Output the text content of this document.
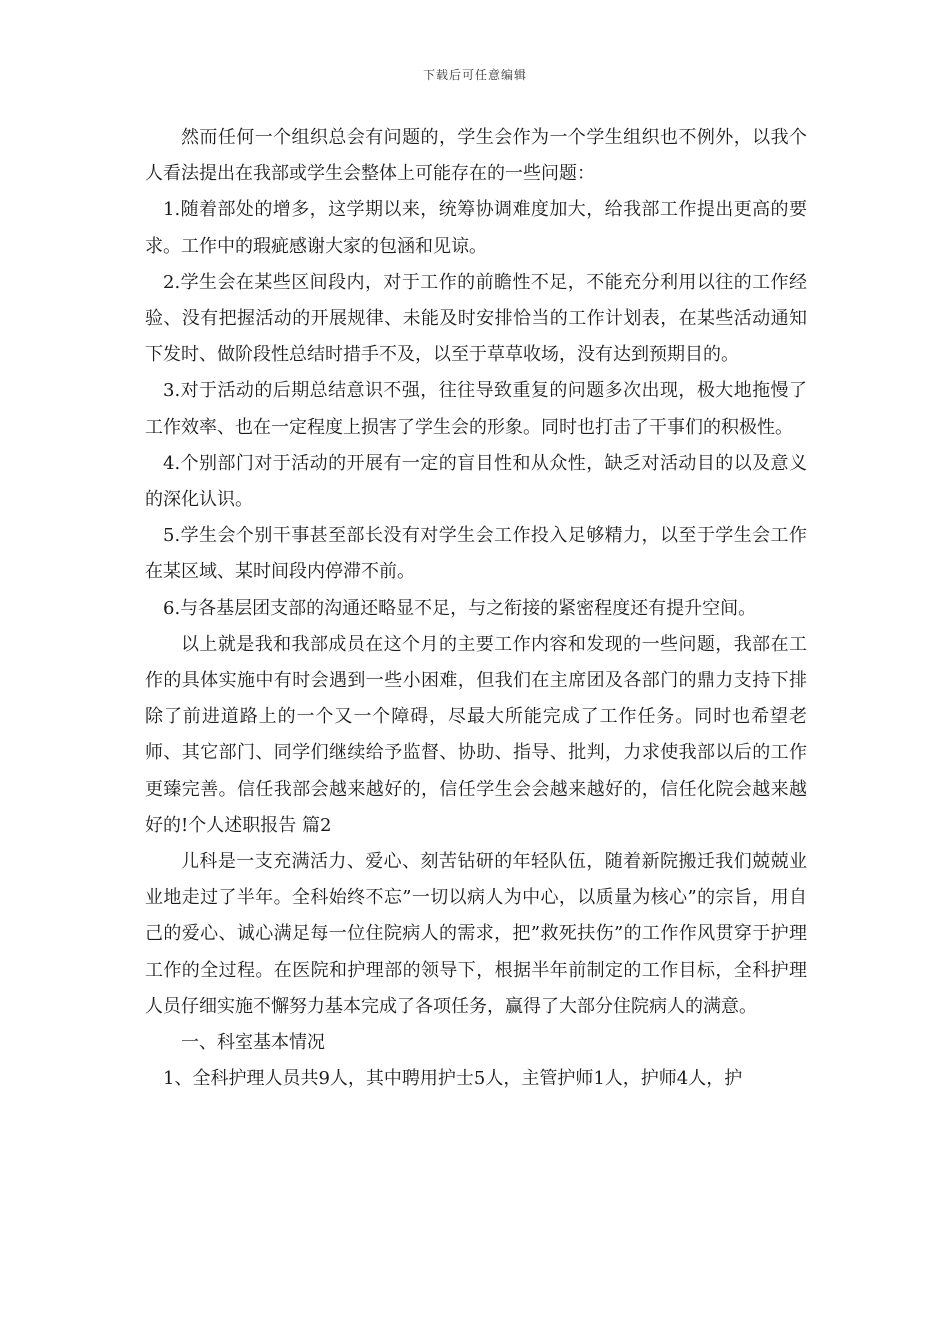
下载后可任意编辑

然而任何一个组织总会有问题的，学生会作为一个学生组织也不例外，以我个人看法提出在我部或学生会整体上可能存在的一些问题：

1.随着部处的增多，这学期以来，统筹协调难度加大，给我部工作提出更高的要求。工作中的瑕疵感谢大家的包涵和见谅。

2.学生会在某些区间段内，对于工作的前瞻性不足，不能充分利用以往的工作经验、没有把握活动的开展规律、未能及时安排恰当的工作计划表，在某些活动通知下发时、做阶段性总结时措手不及，以至于草草收场，没有达到预期目的。

3.对于活动的后期总结意识不强，往往导致重复的问题多次出现，极大地拖慢了工作效率、也在一定程度上损害了学生会的形象。同时也打击了干事们的积极性。

4.个别部门对于活动的开展有一定的盲目性和从众性，缺乏对活动目的以及意义的深化认识。

5.学生会个别干事甚至部长没有对学生会工作投入足够精力，以至于学生会工作在某区域、某时间段内停滞不前。

6.与各基层团支部的沟通还略显不足，与之衔接的紧密程度还有提升空间。

以上就是我和我部成员在这个月的主要工作内容和发现的一些问题，我部在工作的具体实施中有时会遇到一些小困难，但我们在主席团及各部门的鼎力支持下排除了前进道路上的一个又一个障碍，尽最大所能完成了工作任务。同时也希望老师、其它部门、同学们继续给予监督、协助、指导、批判，力求使我部以后的工作更臻完善。信任我部会越来越好的，信任学生会会越来越好的，信任化院会越来越好的!个人述职报告 篇2

儿科是一支充满活力、爱心、刻苦钻研的年轻队伍，随着新院搬迁我们兢兢业业地走过了半年。全科始终不忘”一切以病人为中心，以质量为核心”的宗旨，用自己的爱心、诚心满足每一位住院病人的需求，把”救死扶伤”的工作作风贯穿于护理工作的全过程。在医院和护理部的领导下，根据半年前制定的工作目标，全科护理人员仔细实施不懈努力基本完成了各项任务，赢得了大部分住院病人的满意。

一、科室基本情况

1、全科护理人员共9人，其中聘用护士5人，主管护师1人，护师4人，护
